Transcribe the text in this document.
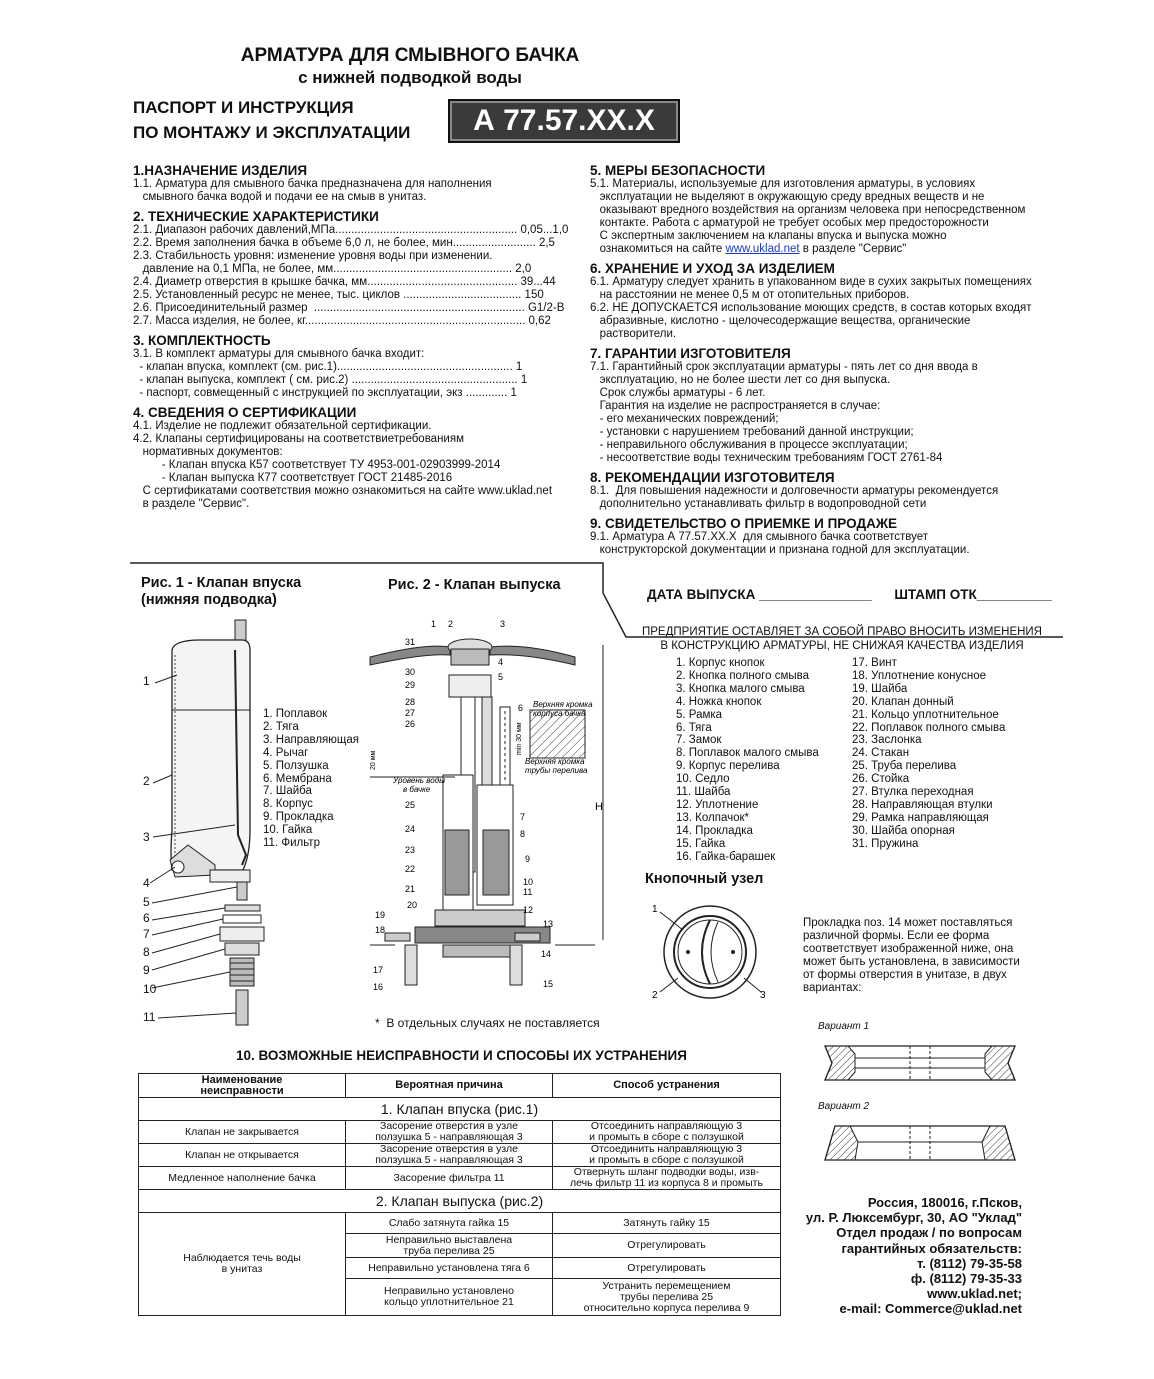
АРМАТУРА ДЛЯ СМЫВНОГО БАЧКА
с нижней подводкой воды
ПАСПОРТ И ИНСТРУКЦИЯ
ПО МОНТАЖУ И ЭКСПЛУАТАЦИИ	А 77.57.XX.X
1.НАЗНАЧЕНИЕ ИЗДЕЛИЯ
1.1. Арматура для смывного бачка предназначена для наполнения
смывного бачка водой и подачи ее на смыв в унитаз.
2. ТЕХНИЧЕСКИЕ ХАРАКТЕРИСТИКИ
2.1. Диапазон рабочих давлений,МПа......................................................... 0,05...1,0
2.2. Время заполнения бачка в объеме 6,0 л, не более, мин.......................... 2,5
2.3. Стабильность уровня: изменение уровня воды при изменении.
давление на 0,1 МПа, не более, мм........................................................ 2,0
2.4. Диаметр отверстия в крышке бачка, мм............................................... 39...44
2.5. Установленный ресурс не менее, тыс. циклов ..................................... 150
2.6. Присоединительный размер  .................................................................. G1/2-B
2.7. Масса изделия, не более, кг..................................................................... 0,62
3. КОМПЛЕКТНОСТЬ
3.1. В комплект арматуры для смывного бачка входит:
- клапан впуска, комплект (см. рис.1)....................................................... 1
- клапан выпуска, комплект ( см. рис.2) .................................................... 1
- паспорт, совмещенный с инструкцией по эксплуатации, экз ............. 1
4. СВЕДЕНИЯ О СЕРТИФИКАЦИИ
4.1. Изделие не подлежит обязательной сертификации.
4.2. Клапаны сертифицированы на соответствиетребованиям
нормативных документов:
- Клапан впуска К57 соответствует ТУ 4953-001-02903999-2014
- Клапан выпуска К77 соответствует ГОСТ 21485-2016
С сертификатами соответствия можно ознакомиться на сайте www.uklad.net
в разделе "Сервис".
5. МЕРЫ БЕЗОПАСНОСТИ
5.1. Материалы, используемые для изготовления арматуры, в условиях
эксплуатации не выделяют в окружающую среду вредных веществ и не
оказывают вредного воздействия на организм человека при непосредственном
контакте. Работа с арматурой не требует особых мер предосторожности
С экспертным заключением на клапаны впуска и выпуска можно
ознакомиться на сайте www.uklad.net в разделе "Сервис"
6. ХРАНЕНИЕ И УХОД ЗА ИЗДЕЛИЕМ
6.1. Арматуру следует хранить в упакованном виде в сухих закрытых помещениях
на расстоянии не менее 0,5 м от отопительных приборов.
6.2. НЕ ДОПУСКАЕТСЯ использование моющих средств, в состав которых входят
абразивные, кислотно - щелочесодержащие вещества, органические
растворители.
7. ГАРАНТИИ ИЗГОТОВИТЕЛЯ
7.1. Гарантийный срок эксплуатации арматуры - пять лет со дня ввода в
эксплуатацию, но не более шести лет со дня выпуска.
Срок службы арматуры - 6 лет.
Гарантия на изделие не распространяется в случае:
- его механических повреждений;
- установки с нарушением требований данной инструкции;
- неправильного обслуживания в процессе эксплуатации;
- несоответствие воды техническим требованиям ГОСТ 2761-84
8. РЕКОМЕНДАЦИИ ИЗГОТОВИТЕЛЯ
8.1.  Для повышения надежности и долговечности арматуры рекомендуется
дополнительно устанавливать фильтр в водопроводной сети
9. СВИДЕТЕЛЬСТВО О ПРИЕМКЕ И ПРОДАЖЕ
9.1. Арматура А 77.57.XX.X  для смывного бачка соответствует
конструкторской документации и признана годной для эксплуатации.

ДАТА ВЫПУСКА _______________ ШТАМП ОТК__________

ПРЕДПРИЯТИЕ ОСТАВЛЯЕТ ЗА СОБОЙ ПРАВО ВНОСИТЬ ИЗМЕНЕНИЯ
В КОНСТРУКЦИЮ АРМАТУРЫ, НЕ СНИЖАЯ КАЧЕСТВА ИЗДЕЛИЯ
Рис. 1 - Клапан впуска
(нижняя подводка)
1
2
3
4
5
6
7
8
9
10
11
1. Поплавок
2. Тяга
3. Направляющая
4. Рычаг
5. Ползушка
6. Мембрана
7. Шайба
8. Корпус
9. Прокладка
10. Гайка
11. Фильтр
Рис. 2 - Клапан выпуска
H
Верхняя кромка
корпуса бачка
Верхняя кромка
трубы перелива
Уровень воды
в бачке
20 мм
min 30 мм
1 2	3
4
5
6
7
8
9
10
11
12
13
14
15
16
17
18
19
20
21
22
23
24
25
26
27
28
29
30
31
1. Корпус кнопок
2. Кнопка полного смыва
3. Кнопка малого смыва
4. Ножка кнопок
5. Рамка
6. Тяга
7. Замок
8. Поплавок малого смыва
9. Корпус перелива
10. Седло
11. Шайба
12. Уплотнение
13. Колпачок*
14. Прокладка
15. Гайка
16. Гайка-барашек
17. Винт
18. Уплотнение конусное
19. Шайба
20. Клапан донный
21. Кольцо уплотнительное
22. Поплавок полного смыва
23. Заслонка
24. Стакан
25. Труба перелива
26. Стойка
27. Втулка переходная
28. Направляющая втулки
29. Рамка направляющая
30. Шайба опорная
31. Пружина
*  В отдельных случаях не поставляется
Кнопочный узел
1
2	3
Прокладка поз. 14 может поставляться
различной формы. Если ее форма
соответствует изображенной ниже, она
может быть установлена, в зависимости
от формы отверстия в унитазе, в двух
вариантах:
Вариант 1
Вариант 2
10. ВОЗМОЖНЫЕ НЕИСПРАВНОСТИ И СПОСОБЫ ИХ УСТРАНЕНИЯ
Наименование
неисправности	Вероятная причина	Способ устранения
1. Клапан впуска (рис.1)		
Клапан не закрывается	Засорение отверстия в узле
ползушка 5 - направляющая 3	Отсоединить направляющую 3
и промыть в сборе с ползушкой
Клапан не открывается	Засорение отверстия в узле
ползушка 5 - направляющая 3	Отсоединить направляющую 3
и промыть в сборе с ползушкой
Медленное наполнение бачка	Засорение фильтра 11	Отвернуть шланг подводки воды, изв-
лечь фильтр 11 из корпуса 8 и промыть
2. Клапан выпуска (рис.2)		
Наблюдается течь воды
в унитаз	Слабо затянута гайка 15	Затянуть гайку 15
	Неправильно выставлена
труба перелива 25	Отрегулировать
	Неправильно установлена тяга 6	Отрегулировать
	Неправильно установлено
кольцо уплотнительное 21	Устранить перемещением
трубы перелива 25
относительно корпуса перелива 9
Россия, 180016, г.Псков,
ул. Р. Люксембург, 30, АО "Уклад"
Отдел продаж / по вопросам
гарантийных обязательств:
т. (8112) 79-35-58
ф. (8112) 79-35-33
www.uklad.net;
e-mail: Commerce@uklad.net
